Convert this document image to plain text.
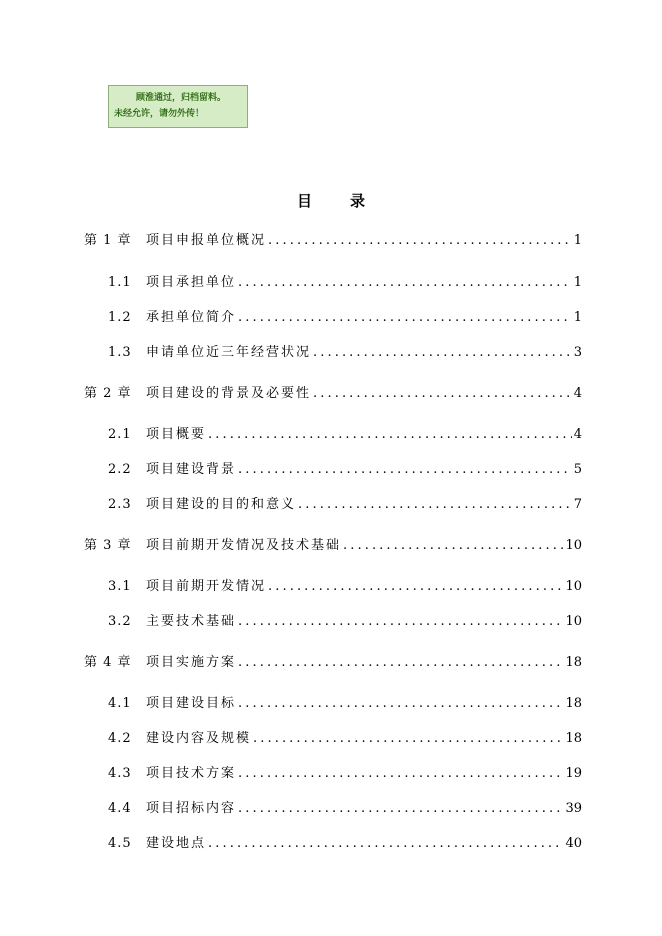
顾淮通过，归档留料。
未经允许，请勿外传！
目录
第 1 章	项目申报单位概况 .....	1
1.1	项目承担单位 .....	1
1.2	承担单位简介 .....	1
1.3	申请单位近三年经营状况 .....	3
第 2 章	项目建设的背景及必要性 .....	4
2.1	项目概要 .....	4
2.2	项目建设背景 .....	5
2.3	项目建设的目的和意义 .....	7
第 3 章	项目前期开发情况及技术基础 .....	10
3.1	项目前期开发情况 .....	10
3.2	主要技术基础 .....	10
第 4 章	项目实施方案 .....	18
4.1	项目建设目标 .....	18
4.2	建设内容及规模 .....	18
4.3	项目技术方案 .....	19
4.4	项目招标内容 .....	39
4.5	建设地点 .....	40
